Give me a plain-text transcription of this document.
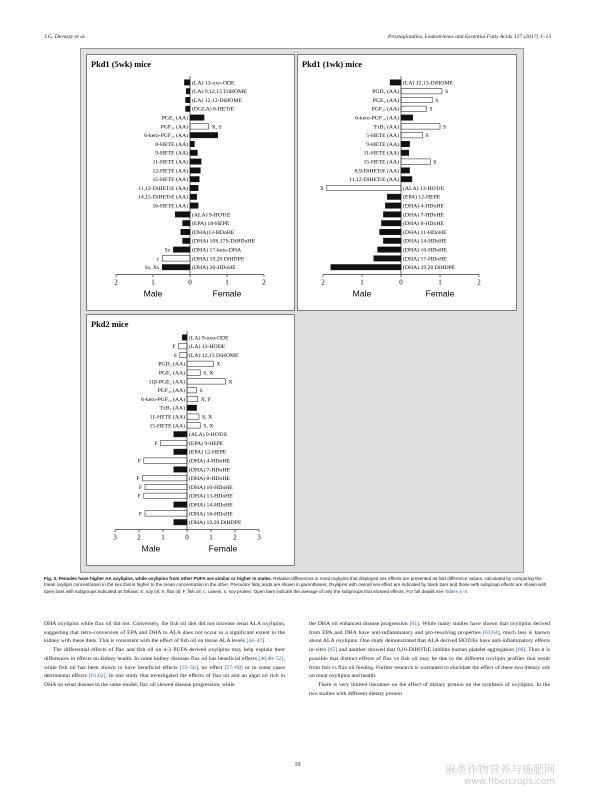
J.G. Devassy et al.	Prostaglandins, Leukotrienes and Essential Fatty Acids 127 (2017) 1–13
Pkd1 (5wk) mice
(LA) 13-oxo-ODE
(LA) 9,12,13 TriHOME
(LA) 12,13-DiHOME
(DGLA) 8-HETrE
PGE₂ (AA)
PGF₂ₐ (AA)	X, S
6-keto-PGF₁ₐ (AA)
8-HETE (AA)
9-HETE (AA)
11-HETE (AA)
12-HETE (AA)
15-HETE (AA)
11,12-DiHETrE (AA)
14,15-DiHETrE (AA)
16-HETE (AA)
(ALA) 9-HOTrE
(EPA) 18-HEPE
(DHA)13-HDoHE
(DHA) 10S,17S-DiHDoHE
(DHA) 17-keto-DHA
Sc
(DHA) 19,20 DiHDPE
c
(DHA) 20-HDoHE
Ss, Xs
2	1	0	1	2
Male	Female
Pkd1 (1wk) mice
(LA) 12,13-DiHOME
PGD₂ (AA)	S
PGE₂ (AA)	S
PGF₂ₐ (AA)	S
6-keto-PGF₁ₐ (AA)
TxB₂ (AA)	S
5-HETE (AA)	S
9-HETE (AA)
11-HETE (AA)
15-HETE (AA)	S
8,9-DiHETrE (AA)
11,12-DiHETrE (AA)
(ALA) 13-HOTrE
X
(EPA) 12-HEPE
(DHA) 4-HDoHE
(DHA) 7-HDoHE
(DHA) 8-HDoHE
(DHA) 11-HDoHE
(DHA) 14-HDoHE
(DHA) 16-HDoHE
(DHA) 17-HDoHE
(DHA) 19,20 DiHDPE
2	1	0	1	2
Male	Female
Pkd2 mice
(LA) 9-oxo-ODE
(LA) 13-HODE
F
(LA) 12,13 DiHOME
S
PGD₂ (AA)	X
PGE₂ (AA)	S, X
11β-PGE₂ (AA)	X
PGF₂ₐ (AA)	S
6-keto-PGF₁ₐ (AA)	X, F
TxB₂ (AA)
11-HETE (AA)	S, X
15-HETE (AA)	S, X
(ALA) 9-HOTrE
(EPA) 9-HEPE
F
(EPA) 12-HEPE
(DHA) 4-HDoHE
F
(DHA) 7-HDoHE
(DHA) 8-HDoHE
F
(DHA) 10-HDoHE
F
(DHA) 13-HDoHE
F
(DHA) 14-HDoHE
(DHA) 16-HDoHE
F
(DHA) 19,20 DiHDPE
3	2	1	0	1	2	3
Male	Female
Fig. 3. Females have higher AA oxylipins, while oxylipins from other PUFA are similar or higher in males. Relative differences in renal oxylipins that displayed sex effects are presented as fold difference values, calculated by comparing the mean oxylipin concentration in the sex that is higher to the mean concentration in the other. Precursor fatty acids are shown in parentheses. Oxylipins with overall sex effect are indicated by black bars and those with subgroup effects are shown with open bars with subgroups indicated as follows: S, soy oil; X, flax oil; F, fish oil; c, casein; s, soy protein. Open bars indicate the average of only the subgroups that showed effects. For full details see Tables 1–4.

DHA oxylipins while flax oil did not. Conversely, the fish oil diet did not increase renal ALA oxylipins, suggesting that retro-conversion of EPA and DHA to ALA does not occur to a significant extent in the kidney with these diets. This is consistent with the effect of fish oil on tissue ALA levels [44–47].

The differential effects of flax and fish oil on n-3 PUFA derived oxylipins may help explain their differences in effects on kidney health. In some kidney diseases flax oil has beneficial effects [40,48–52], while fish oil has been shown to have beneficial effects [53–56], no effect [57–60] or in some cases detrimental effects [61,62]. In one study that investigated the effects of flax oil and an algal oil rich in DHA on renal disease in the same model, flax oil slowed disease progression, while

the DHA oil enhanced disease progression [61]. While many studies have shown that oxylipins derived from EPA and DHA have anti-inflammatory and pro-resolving properties [63,64], much less is known about ALA oxylipins. One study demonstrated that ALA derived HOTrEs have anti-inflammatory effects in-vitro [65] and another showed that 9,16-DiHOTrE inhibits human platelet aggregation [66]. Thus it is possible that distinct effects of flax vs fish oil may be due to the different oxylipin profiles that result from fish vs flax oil feeding. Further research is warranted to elucidate the effect of these two dietary oils on renal oxylipins and health.

There is very limited literature on the effect of dietary protein on the synthesis of oxylipins. In the two studies with different dietary protein

10	麻类作物营养与施肥网
www.fibercrops.com
